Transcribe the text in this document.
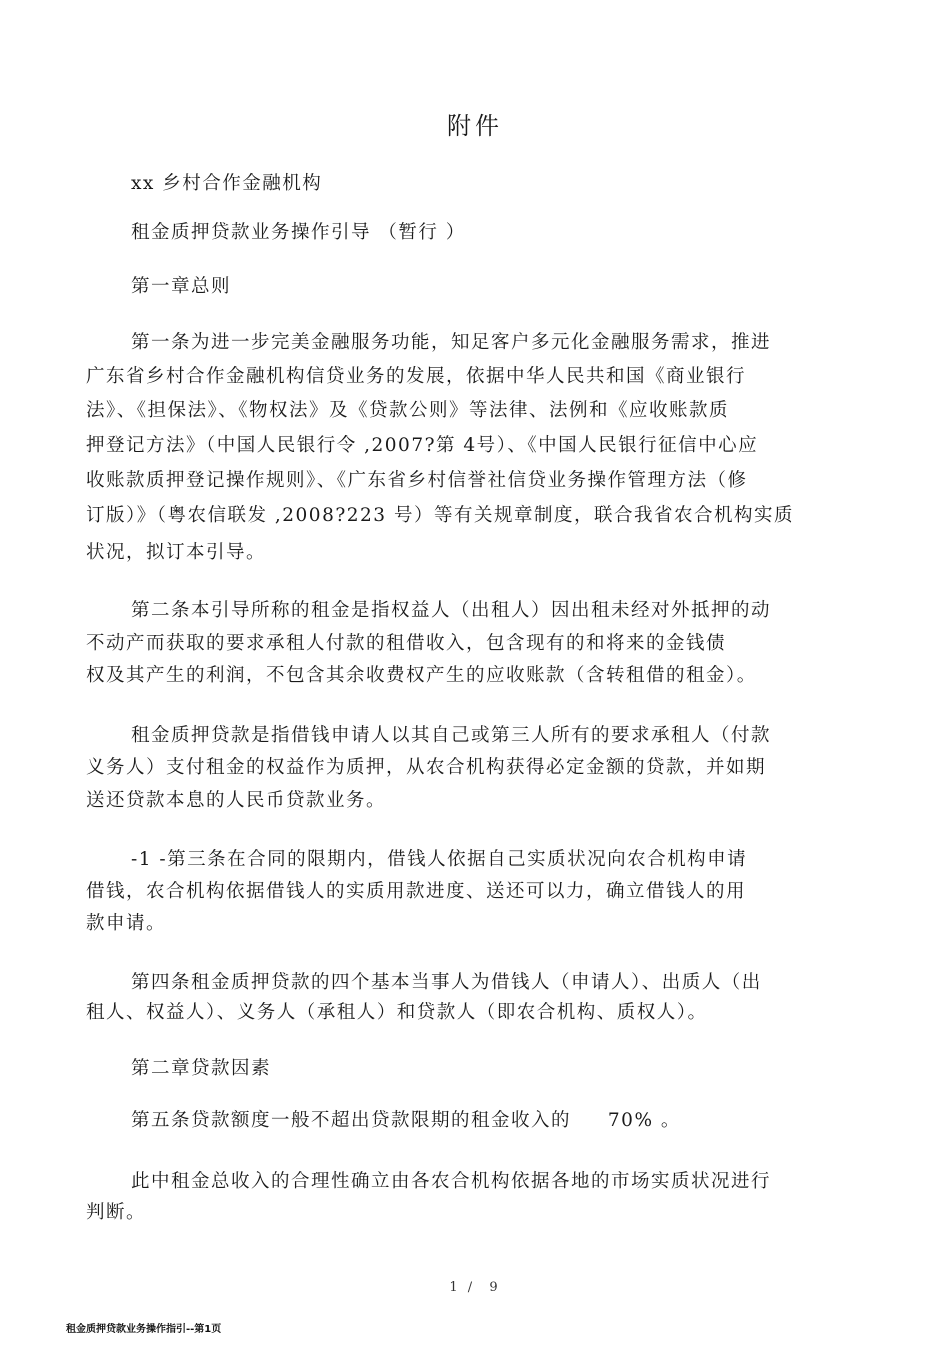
附件
xx 乡村合作金融机构
租金质押贷款业务操作引导 （暂行 ）
第一章总则
第一条为进一步完美金融服务功能，知足客户多元化金融服务需求，推进
广东省乡村合作金融机构信贷业务的发展，依据中华人民共和国《商业银行
法》、《担保法》、《物权法》及《贷款公则》等法律、法例和《应收账款质
押登记方法》（中国人民银行令 ,2007?第 4号）、《中国人民银行征信中心应
收账款质押登记操作规则》、《广东省乡村信誉社信贷业务操作管理方法（修
订版）》（粤农信联发 ,2008?223 号）等有关规章制度，联合我省农合机构实质
状况，拟订本引导。
第二条本引导所称的租金是指权益人（出租人）因出租未经对外抵押的动
不动产而获取的要求承租人付款的租借收入，包含现有的和将来的金钱债
权及其产生的利润，不包含其余收费权产生的应收账款（含转租借的租金）。
租金质押贷款是指借钱申请人以其自己或第三人所有的要求承租人（付款
义务人）支付租金的权益作为质押，从农合机构获得必定金额的贷款，并如期
送还贷款本息的人民币贷款业务。
-1 -第三条在合同的限期内，借钱人依据自己实质状况向农合机构申请
借钱，农合机构依据借钱人的实质用款进度、送还可以力，确立借钱人的用
款申请。
第四条租金质押贷款的四个基本当事人为借钱人（申请人）、出质人（出
租人、权益人）、义务人（承租人）和贷款人（即农合机构、质权人）。
第二章贷款因素
第五条贷款额度一般不超出贷款限期的租金收入的     70% 。
此中租金总收入的合理性确立由各农合机构依据各地的市场实质状况进行
判断。
1 /  9
租金质押贷款业务操作指引--第1页
